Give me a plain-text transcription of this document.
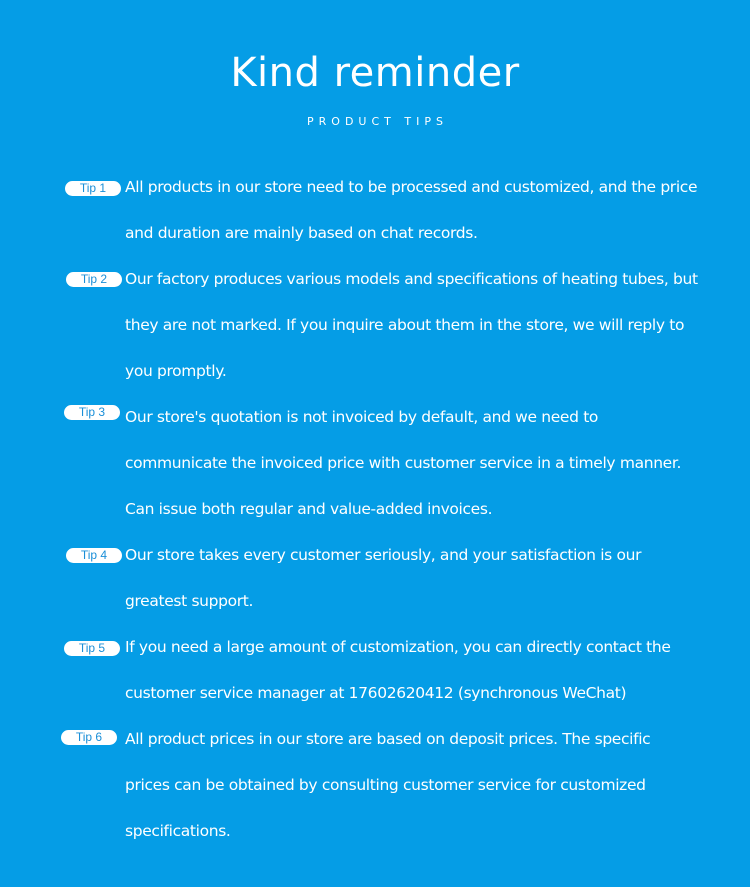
Kind reminder
PRODUCT TIPS
Tip 1	All products in our store need to be processed and customized, and the price
and duration are mainly based on chat records.
Tip 2	Our factory produces various models and specifications of heating tubes, but
they are not marked. If you inquire about them in the store, we will reply to
you promptly.
Tip 3	Our store's quotation is not invoiced by default, and we need to
communicate the invoiced price with customer service in a timely manner.
Can issue both regular and value-added invoices.
Tip 4	Our store takes every customer seriously, and your satisfaction is our
greatest support.
Tip 5	If you need a large amount of customization, you can directly contact the
customer service manager at 17602620412 (synchronous WeChat)
Tip 6	All product prices in our store are based on deposit prices. The specific
prices can be obtained by consulting customer service for customized
specifications.
